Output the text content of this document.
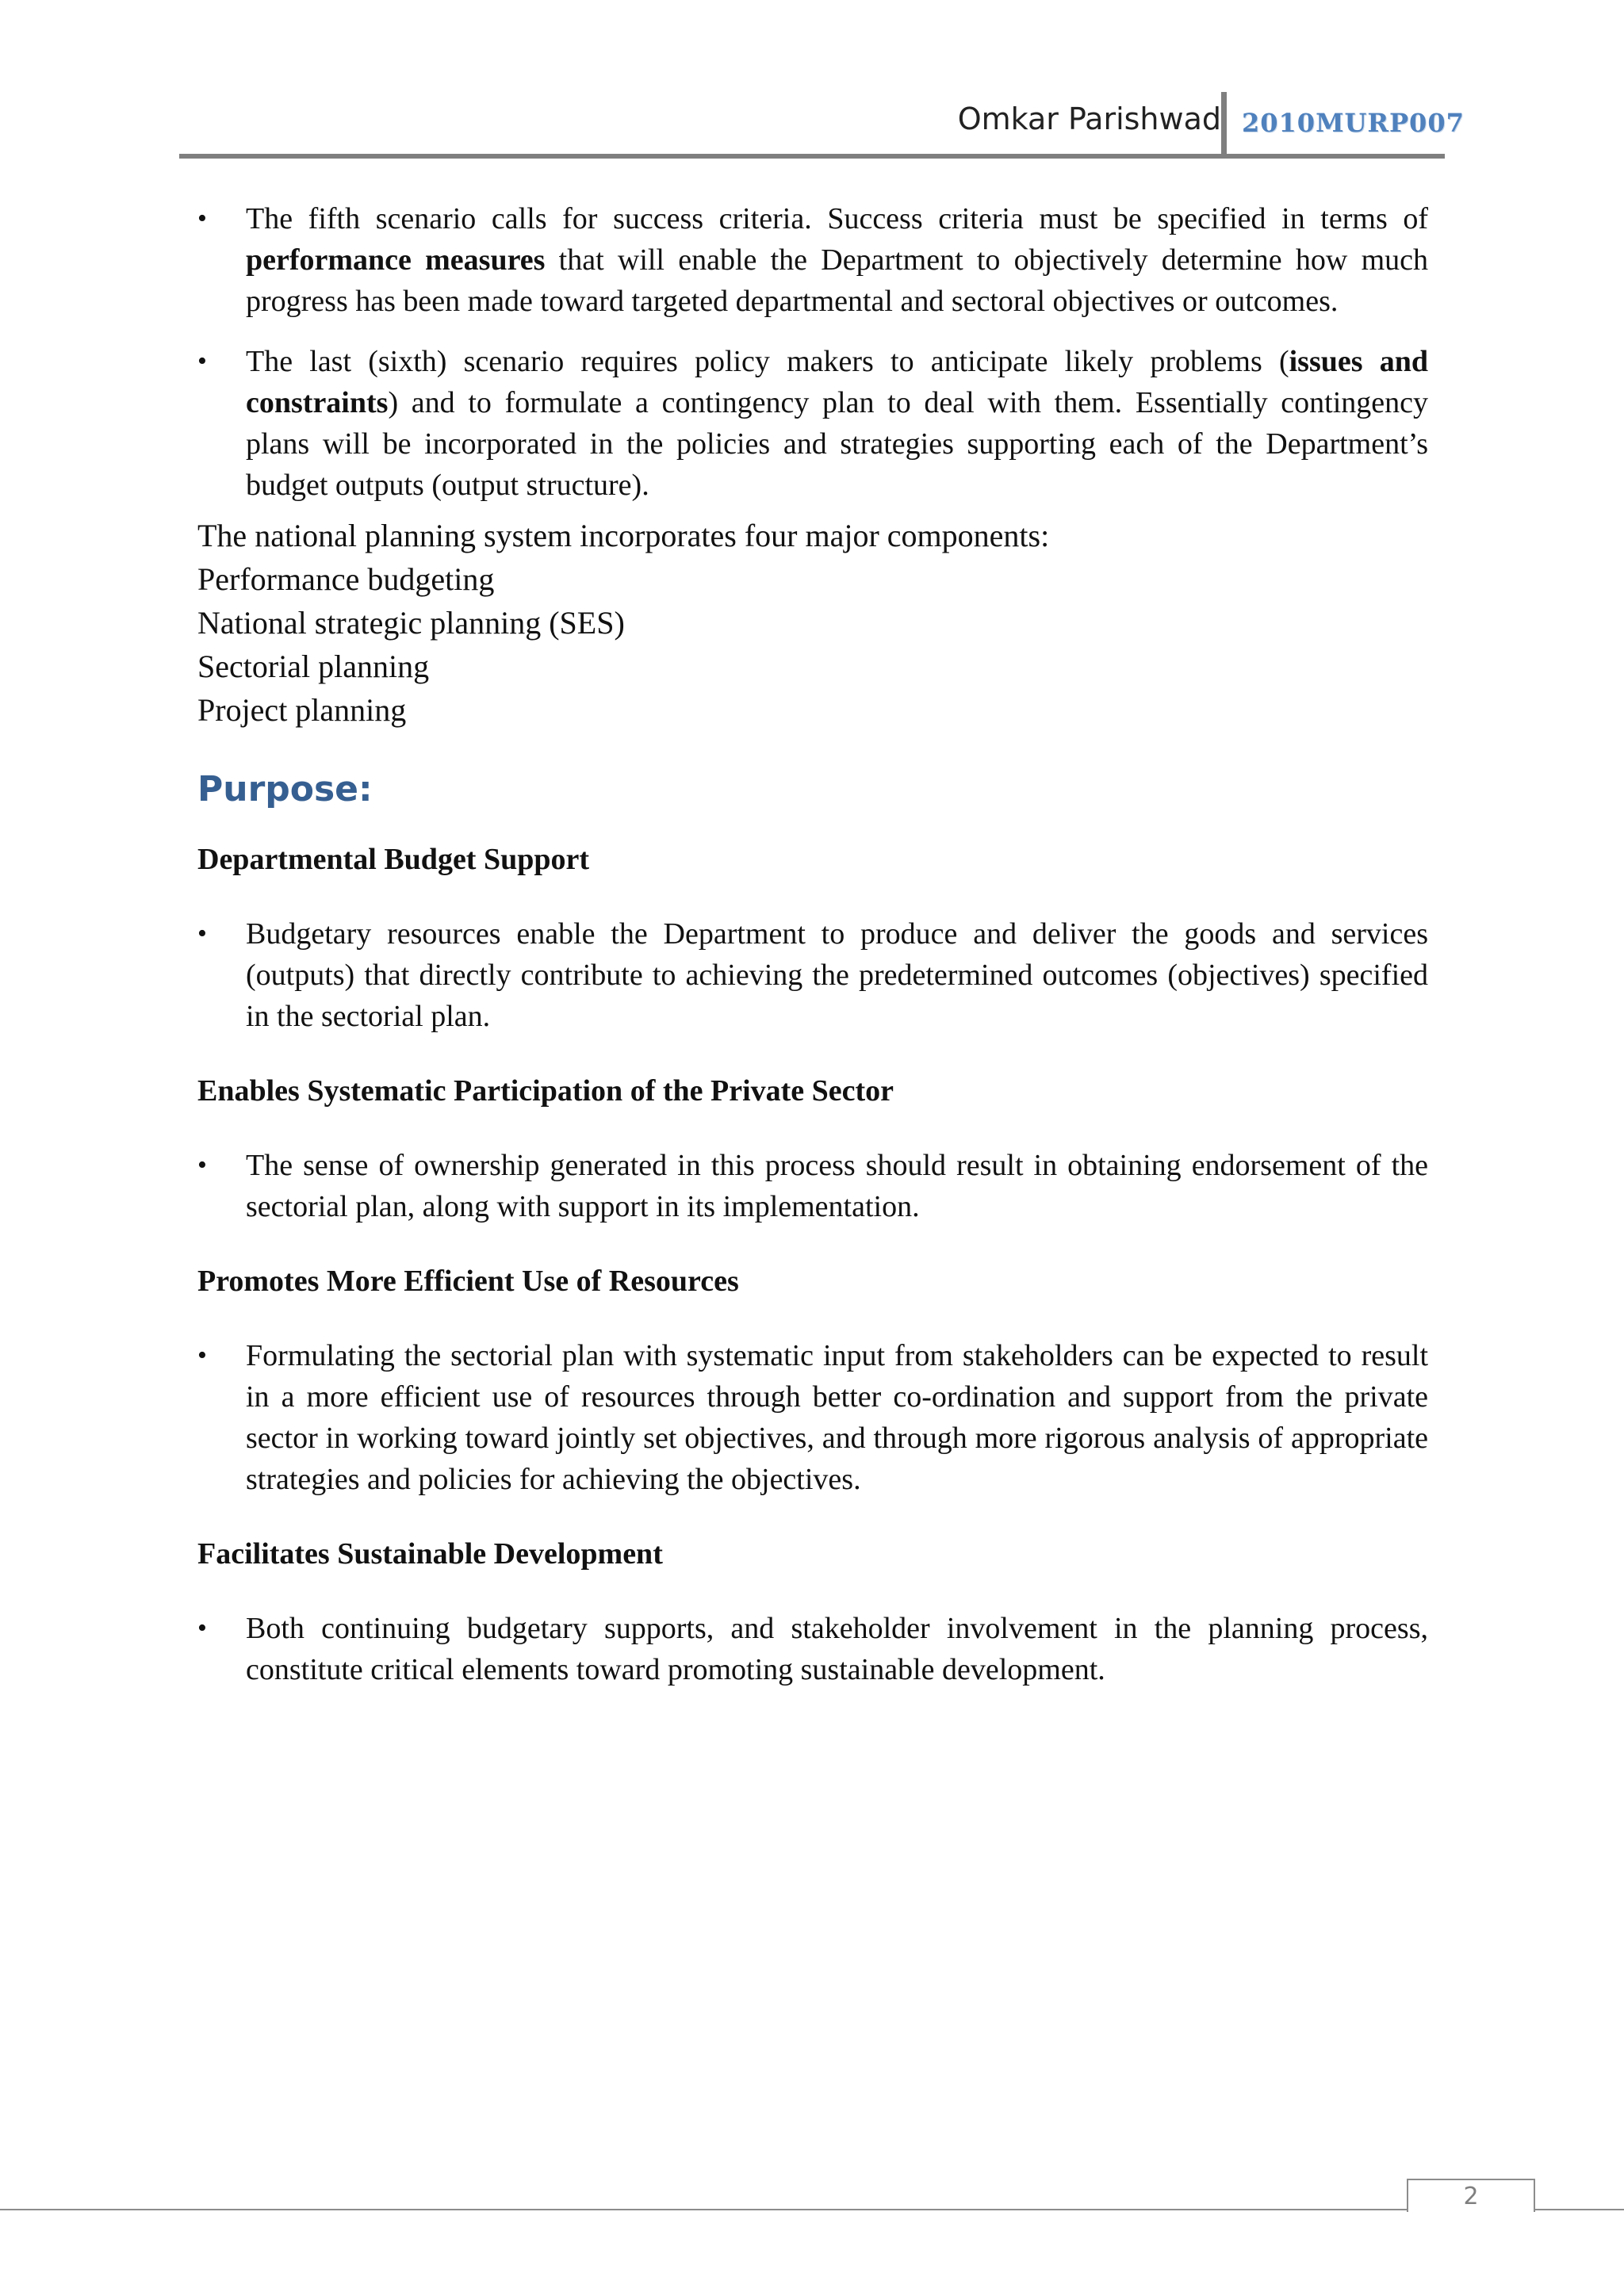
Omkar Parishwad 2010MURP007
• The fifth scenario calls for success criteria. Success criteria must be specified in terms of performance measures that will enable the Department to objectively determine how much progress has been made toward targeted departmental and sectoral objectives or outcomes.
• The last (sixth) scenario requires policy makers to anticipate likely problems (issues and constraints) and to formulate a contingency plan to deal with them. Essentially contingency plans will be incorporated in the policies and strategies supporting each of the Department’s budget outputs (output structure).
The national planning system incorporates four major components:
Performance budgeting
National strategic planning (SES)
Sectorial planning
Project planning
Purpose:
Departmental Budget Support
• Budgetary resources enable the Department to produce and deliver the goods and services (outputs) that directly contribute to achieving the predetermined outcomes (objectives) specified in the sectorial plan.
Enables Systematic Participation of the Private Sector
• The sense of ownership generated in this process should result in obtaining endorsement of the sectorial plan, along with support in its implementation.
Promotes More Efficient Use of Resources
• Formulating the sectorial plan with systematic input from stakeholders can be expected to result in a more efficient use of resources through better co-ordination and support from the private sector in working toward jointly set objectives, and through more rigorous analysis of appropriate strategies and policies for achieving the objectives.
Facilitates Sustainable Development
• Both continuing budgetary supports, and stakeholder involvement in the planning process, constitute critical elements toward promoting sustainable development.
2
